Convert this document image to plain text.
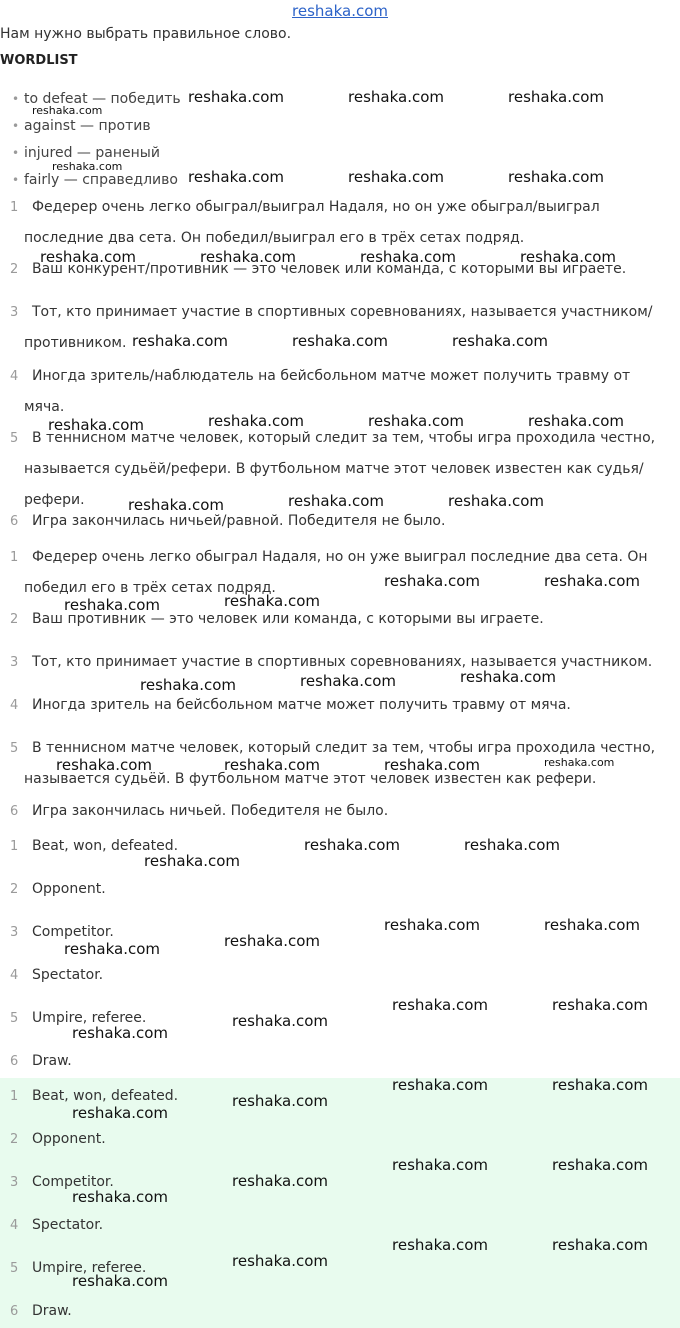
reshaka.com

Нам нужно выбрать правильное слово.

WORDLIST

• to defeat — победить
• against — против
• injured — раненый
• fairly — справедливо
1 Федерер очень легко обыграл/выиграл Надаля, но он уже обыграл/выиграл последние два сета. Он победил/выиграл его в трёх сетах подряд.
2 Ваш конкурент/противник — это человек или команда, с которыми вы играете.
3 Тот, кто принимает участие в спортивных соревнованиях, называется участником/противником.
4 Иногда зритель/наблюдатель на бейсбольном матче может получить травму от мяча.
5 В теннисном матче человек, который следит за тем, чтобы игра проходила честно, называется судьёй/рефери. В футбольном матче этот человек известен как судья/рефери.
6 Игра закончилась ничьей/равной. Победителя не было.
1 Федерер очень легко обыграл Надаля, но он уже выиграл последние два сета. Он победил его в трёх сетах подряд.
2 Ваш противник — это человек или команда, с которыми вы играете.
3 Тот, кто принимает участие в спортивных соревнованиях, называется участником.
4 Иногда зритель на бейсбольном матче может получить травму от мяча.
5 В теннисном матче человек, который следит за тем, чтобы игра проходила честно, называется судьёй. В футбольном матче этот человек известен как рефери.
6 Игра закончилась ничьей. Победителя не было.
1 Beat, won, defeated.
2 Opponent.
3 Competitor.
4 Spectator.
5 Umpire, referee.
6 Draw.
1 Beat, won, defeated.
2 Opponent.
3 Competitor.
4 Spectator.
5 Umpire, referee.
6 Draw.
reshaka.com	reshaka.com	reshaka.com
reshaka.com
reshaka.com
reshaka.com	reshaka.com	reshaka.com
reshaka.com	reshaka.com	reshaka.com	reshaka.com
reshaka.com	reshaka.com	reshaka.com
reshaka.com	reshaka.com	reshaka.com	reshaka.com
reshaka.com	reshaka.com	reshaka.com
reshaka.com	reshaka.com
reshaka.com	reshaka.com
reshaka.com	reshaka.com	reshaka.com
reshaka.com	reshaka.com	reshaka.com	reshaka.com
reshaka.com	reshaka.com
reshaka.com
reshaka.com	reshaka.com
reshaka.com
reshaka.com
reshaka.com	reshaka.com
reshaka.com
reshaka.com
reshaka.com	reshaka.com
reshaka.com
reshaka.com
reshaka.com	reshaka.com
reshaka.com
reshaka.com
reshaka.com	reshaka.com
reshaka.com
reshaka.com
